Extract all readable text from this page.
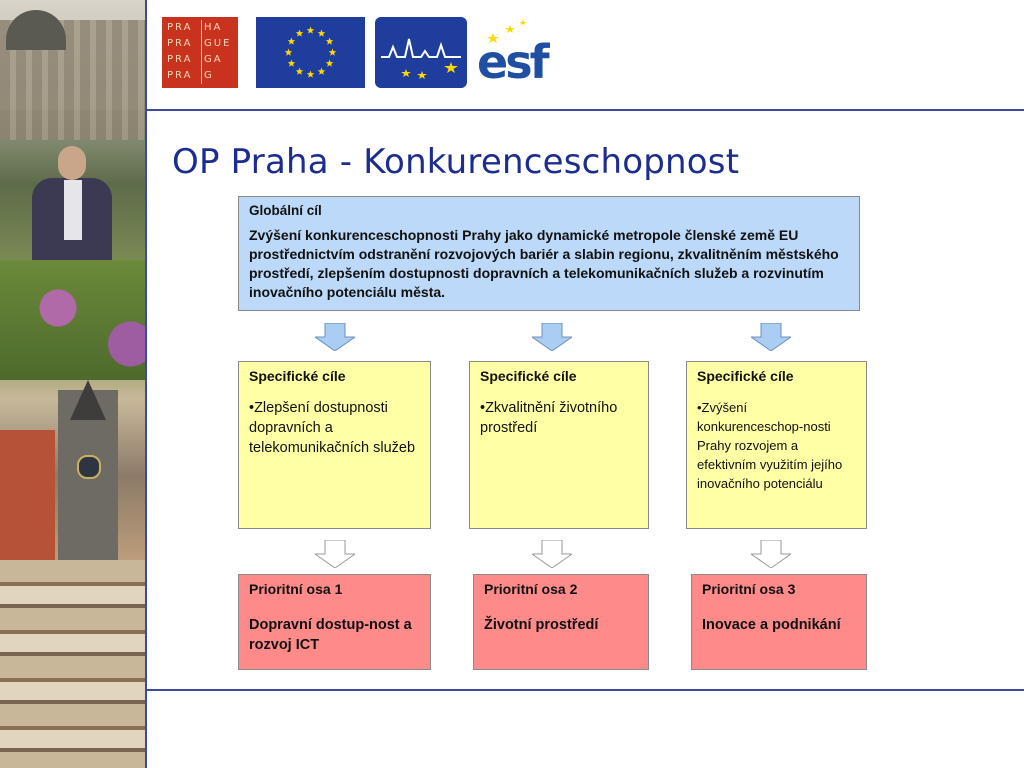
PRA
PRA
PRA
PRA
HA
GUE
GA
G	esf
OP Praha - Konkurenceschopnost
Globální cíl
Zvýšení konkurenceschopnosti Prahy jako dynamické metropole členské země EU prostřednictvím odstranění rozvojových bariér a slabin regionu, zkvalitněním městského prostředí, zlepšením dostupnosti dopravních a telekomunikačních služeb a rozvinutím inovačního potenciálu města.
Specifické cíle
•Zlepšení dostupnosti dopravních a telekomunikačních služeb
Specifické cíle
•Zkvalitnění životního prostředí
Specifické cíle
•Zvýšení konkurenceschop-nosti Prahy rozvojem a efektivním využitím jejího inovačního potenciálu
Prioritní osa 1
Dopravní dostup-nost a rozvoj ICT
Prioritní osa 2
Životní prostředí
Prioritní osa 3
Inovace a podnikání
